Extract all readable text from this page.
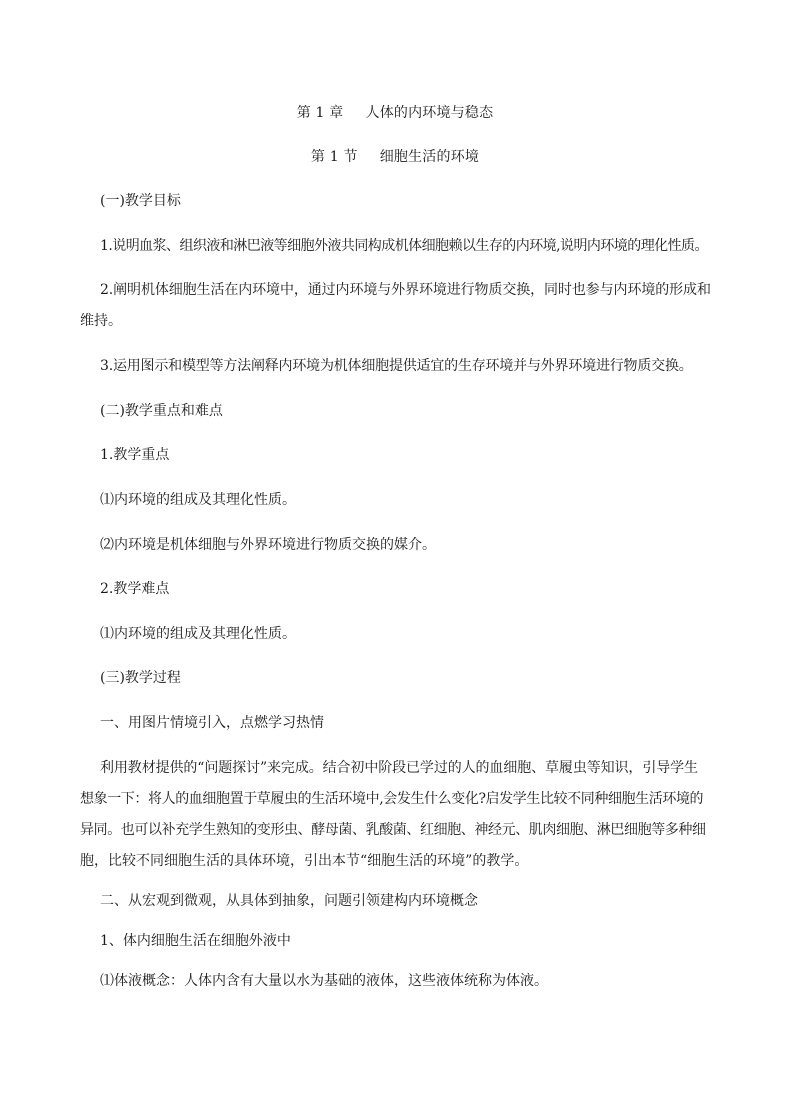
第 1 章 人体的内环境与稳态
第 1 节 细胞生活的环境
(一)教学目标
1.说明血浆、组织液和淋巴液等细胞外液共同构成机体细胞赖以生存的内环境,说明内环境的理化性质。
2.阐明机体细胞生活在内环境中，通过内环境与外界环境进行物质交换，同时也参与内环境的形成和
维持。
3.运用图示和模型等方法阐释内环境为机体细胞提供适宜的生存环境并与外界环境进行物质交换。
(二)教学重点和难点
1.教学重点
⑴内环境的组成及其理化性质。
⑵内环境是机体细胞与外界环境进行物质交换的媒介。
2.教学难点
⑴内环境的组成及其理化性质。
(三)教学过程
一、用图片情境引入，点燃学习热情
利用教材提供的“问题探讨”来完成。结合初中阶段已学过的人的血细胞、草履虫等知识，引导学生
想象一下：将人的血细胞置于草履虫的生活环境中,会发生什么变化?启发学生比较不同种细胞生活环境的
异同。也可以补充学生熟知的变形虫、酵母菌、乳酸菌、红细胞、神经元、肌肉细胞、淋巴细胞等多种细
胞，比较不同细胞生活的具体环境，引出本节“细胞生活的环境”的教学。
二、从宏观到微观，从具体到抽象，问题引领建构内环境概念
1、体内细胞生活在细胞外液中
⑴体液概念：人体内含有大量以水为基础的液体，这些液体统称为体液。
